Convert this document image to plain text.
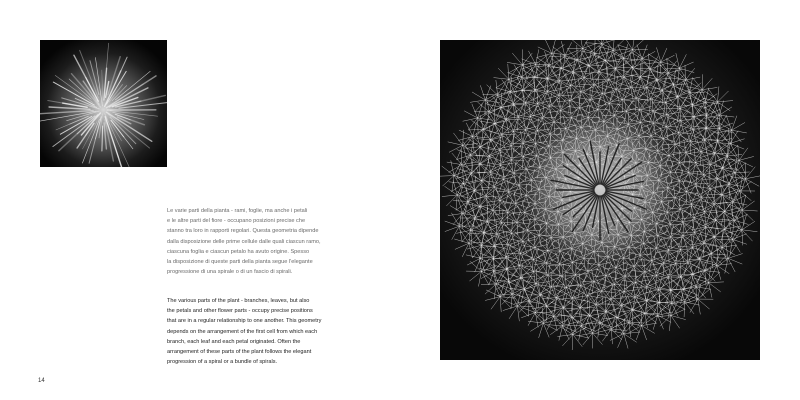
Le varie parti della pianta - rami, foglie, ma anche i petali
e le altre parti del fiore - occupano posizioni precise che
stanno tra loro in rapporti regolari. Questa geometria dipende
dalla disposizione delle prime cellule dalle quali ciascun ramo,
ciascuna foglia e ciascun petalo ha avuto origine. Spesso
la disposizione di queste parti della pianta segue l'elegante
progressione di una spirale o di un fascio di spirali.

The various parts of the plant - branches, leaves, but also
the petals and other flower parts - occupy precise positions
that are in a regular relationship to one another. This geometry
depends on the arrangement of the first cell from which each
branch, each leaf and each petal originated. Often the
arrangement of these parts of the plant follows the elegant
progression of a spiral or a bundle of spirals.

14
